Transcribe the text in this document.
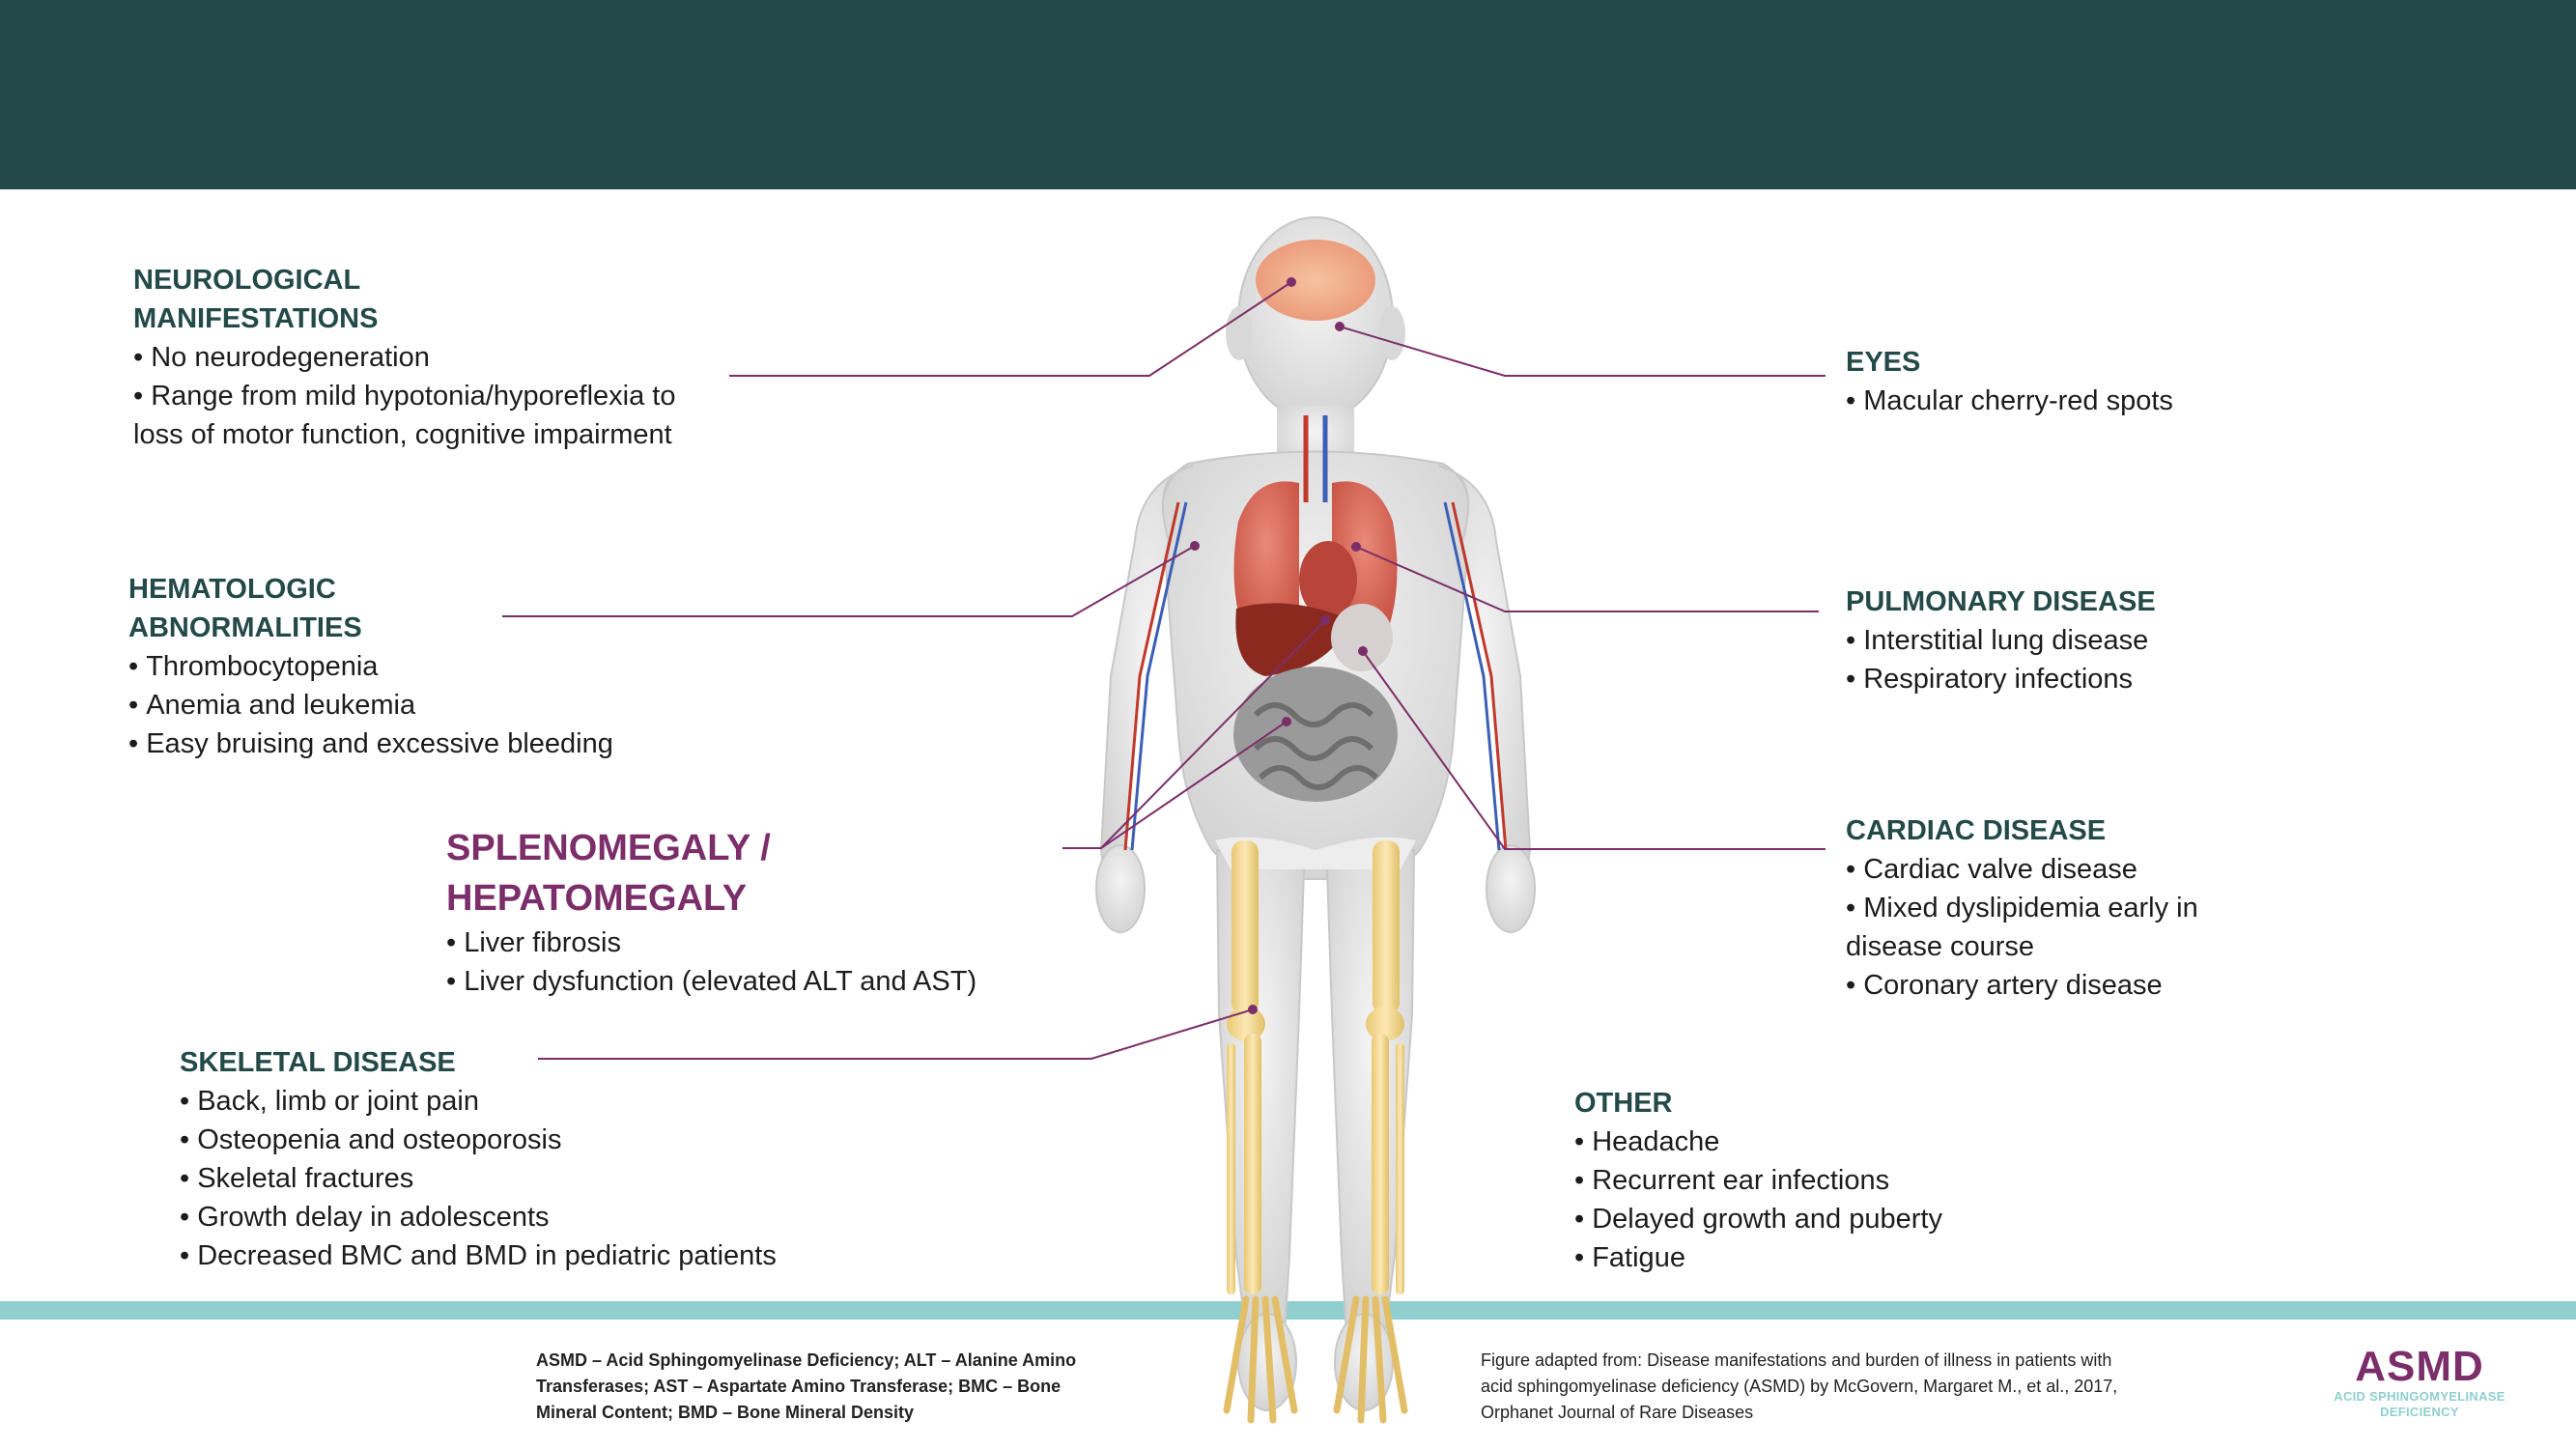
NEUROLOGICAL
MANIFESTATIONS
• No neurodegeneration
• Range from mild hypotonia/hyporeflexia to loss of motor function, cognitive impairment
HEMATOLOGIC
ABNORMALITIES
• Thrombocytopenia
• Anemia and leukemia
• Easy bruising and excessive bleeding
SPLENOMEGALY / HEPATOMEGALY
• Liver fibrosis
• Liver dysfunction (elevated ALT and AST)
SKELETAL DISEASE
• Back, limb or joint pain
• Osteopenia and osteoporosis
• Skeletal fractures
• Growth delay in adolescents
• Decreased BMC and BMD in pediatric patients
EYES
• Macular cherry-red spots
PULMONARY DISEASE
• Interstitial lung disease
• Respiratory infections
CARDIAC DISEASE
• Cardiac valve disease
• Mixed dyslipidemia early in disease course
• Coronary artery disease
OTHER
• Headache
• Recurrent ear infections
• Delayed growth and puberty
• Fatigue
ASMD – Acid Sphingomyelinase Deficiency; ALT – Alanine Amino
Transferases; AST – Aspartate Amino Transferase; BMC – Bone
Mineral Content; BMD – Bone Mineral Density
Figure adapted from: Disease manifestations and burden of illness in patients with
acid sphingomyelinase deficiency (ASMD) by McGovern, Margaret M., et al., 2017,
Orphanet Journal of Rare Diseases
ASMD
ACID SPHINGOMYELINASE DEFICIENCY
